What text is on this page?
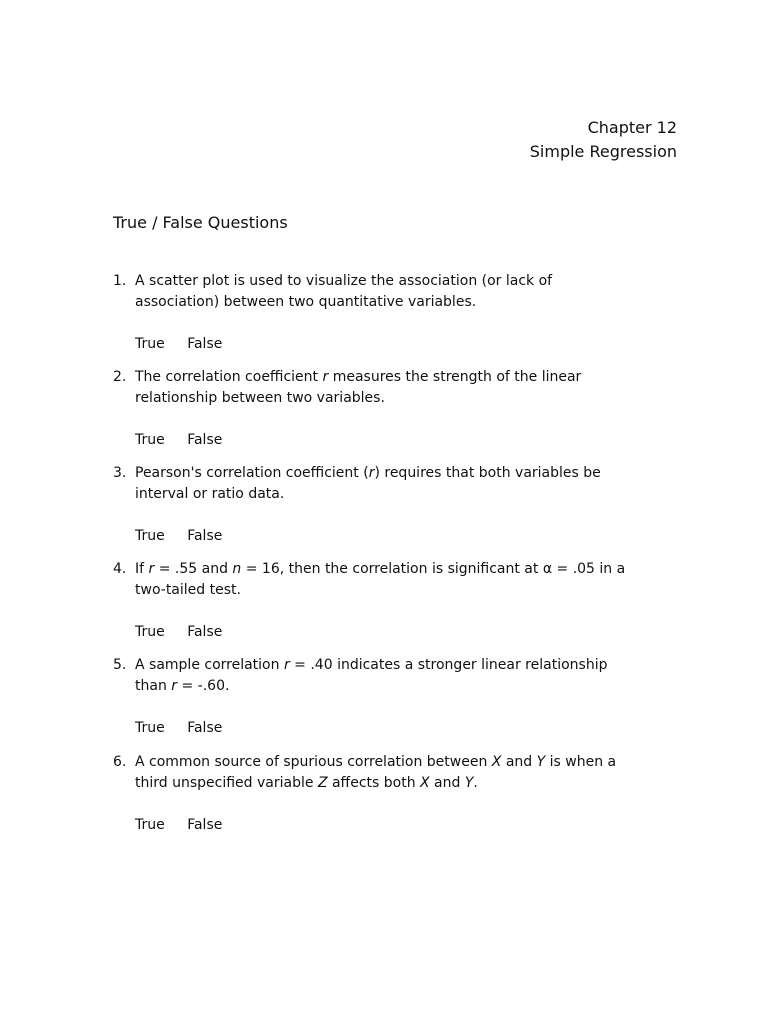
Chapter 12
Simple Regression
True / False Questions
1. A scatter plot is used to visualize the association (or lack of
association) between two quantitative variables.
True False
2. The correlation coefficient r measures the strength of the linear
relationship between two variables.
True False
3. Pearson's correlation coefficient (r) requires that both variables be
interval or ratio data.
True False
4. If r = .55 and n = 16, then the correlation is significant at α = .05 in a
two-tailed test.
True False
5. A sample correlation r = .40 indicates a stronger linear relationship
than r = -.60.
True False
6. A common source of spurious correlation between X and Y is when a
third unspecified variable Z affects both X and Y.
True False
